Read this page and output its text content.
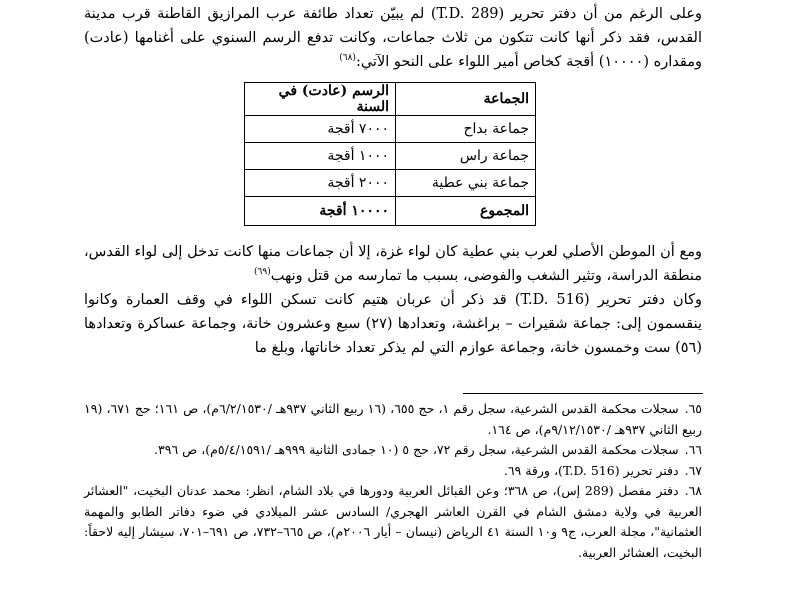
وعلى الرغم من أن دفتر تحرير (T.D. 289) لم يبيّن تعداد طائفة عرب المرازيق القاطنة قرب مدينة القدس، فقد ذكر أنها كانت تتكون من ثلاث جماعات، وكانت تدفع الرسم السنوي على أغنامها (عادت) ومقداره (١٠٠٠٠) أقجة كخاص أمير اللواء على النحو الآتي:$^{(٦٨)}$
الجماعة	الرسم (عادت) في السنة
جماعة بداح	٧٠٠٠ أقجة
جماعة راس	١٠٠٠ أقجة
جماعة بني عطية	٢٠٠٠ أقجة
المجموع	١٠٠٠٠ أقجة
ومع أن الموطن الأصلي لعرب بني عطية كان لواء غزة، إلا أن جماعات منها كانت تدخل إلى لواء القدس، منطقة الدراسة، وتثير الشغب والفوضى، بسبب ما تمارسه من قتل ونهب$^{(٦٩)}$
وكان دفتر تحرير (T.D. 516) قد ذكر أن عربان هتيم كانت تسكن اللواء في وقف العمارة وكانوا ينقسمون إلى: جماعة شقيرات – براغشة، وتعدادها (٢٧) سبع وعشرون خانة، وجماعة عساكرة وتعدادها (٥٦) ست وخمسون خانة، وجماعة عوازم التي لم يذكر تعداد خاناتها، وبلغ ما

٦٥.سجلات محكمة القدس الشرعية، سجل رقم ١، حج ٦٥٥، (١٦ ربيع الثاني ٩٣٧هـ /٦/٢/١٥٣٠م)، ص ١٦١؛ حج ٦٧١، (١٩ ربيع الثاني ٩٣٧هـ /٩/١٢/١٥٣٠م)، ص ١٦٤.

٦٦.سجلات محكمة القدس الشرعية، سجل رقم ٧٢، حج ٥ (١٠ جمادى الثانية ٩٩٩هـ /٥/٤/١٥٩١م)، ص ٣٩٦.

٦٧.دفتر تحرير (T.D. 516)، ورقة ٦٩.

٦٨.دفتر مفصل (289 إس)، ص ٣٦٨؛ وعن القبائل العربية ودورها في بلاد الشام، انظر: محمد عدنان البخيت، "العشائر العربية في ولاية دمشق الشام في القرن العاشر الهجري/ السادس عشر الميلادي في ضوء دفاتر الطابو والمهمة العثمانية"، مجلة العرب، ج٩ و١٠ السنة ٤١ الرياض (نيسان – أيار ٢٠٠٦م)، ص ٦٦٥–٧٣٢، ص ٦٩١–٧٠١، سيشار إليه لاحقاً: البخيت، العشائر العربية.
